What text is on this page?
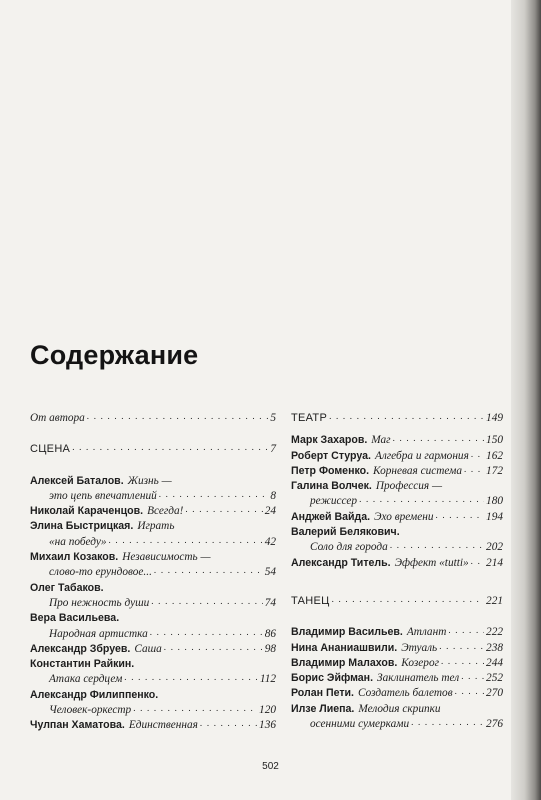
Содержание
От автора . . .	5
СЦЕНА . . .	7
Алексей Баталов. Жизнь —
это цепь впечатлений . . .	8
Николай Караченцов. Всегда! . . .	24
Элина Быстрицкая. Играть
«на победу» . . .	42
Михаил Козаков. Независимость —
слово-то ерундовое... . . .	54
Олег Табаков.
Про нежность души . . .	74
Вера Васильева.
Народная артистка . . .	86
Александр Збруев. Саша . . .	98
Константин Райкин.
Атака сердцем . . .	112
Александр Филиппенко.
Человек-оркестр . . .	120
Чулпан Хаматова. Единственная . . .	136
ТЕАТР . . .	149
Марк Захаров. Маг . . .	150
Роберт Стуруа. Алгебра и гармония . . . 162
Петр Фоменко. Корневая система . . . 172
Галина Волчек. Профессия —
режиссер . . .	180
Анджей Вайда. Эхо времени . . .	194
Валерий Белякович.
Соло для города . . .	202
Александр Титель. Эффект «tutti» . . . 214
ТАНЕЦ . . .	221
Владимир Васильев. Атлант . . .	222
Нина Ананиашвили. Этуаль . . .	238
Владимир Малахов. Козерог . . .	244
Борис Эйфман. Заклинатель тел . . . 252
Ролан Пети. Создатель балетов . . .	270
Илзе Лиепа. Мелодия скрипки
осенними сумерками . . .	276
502
